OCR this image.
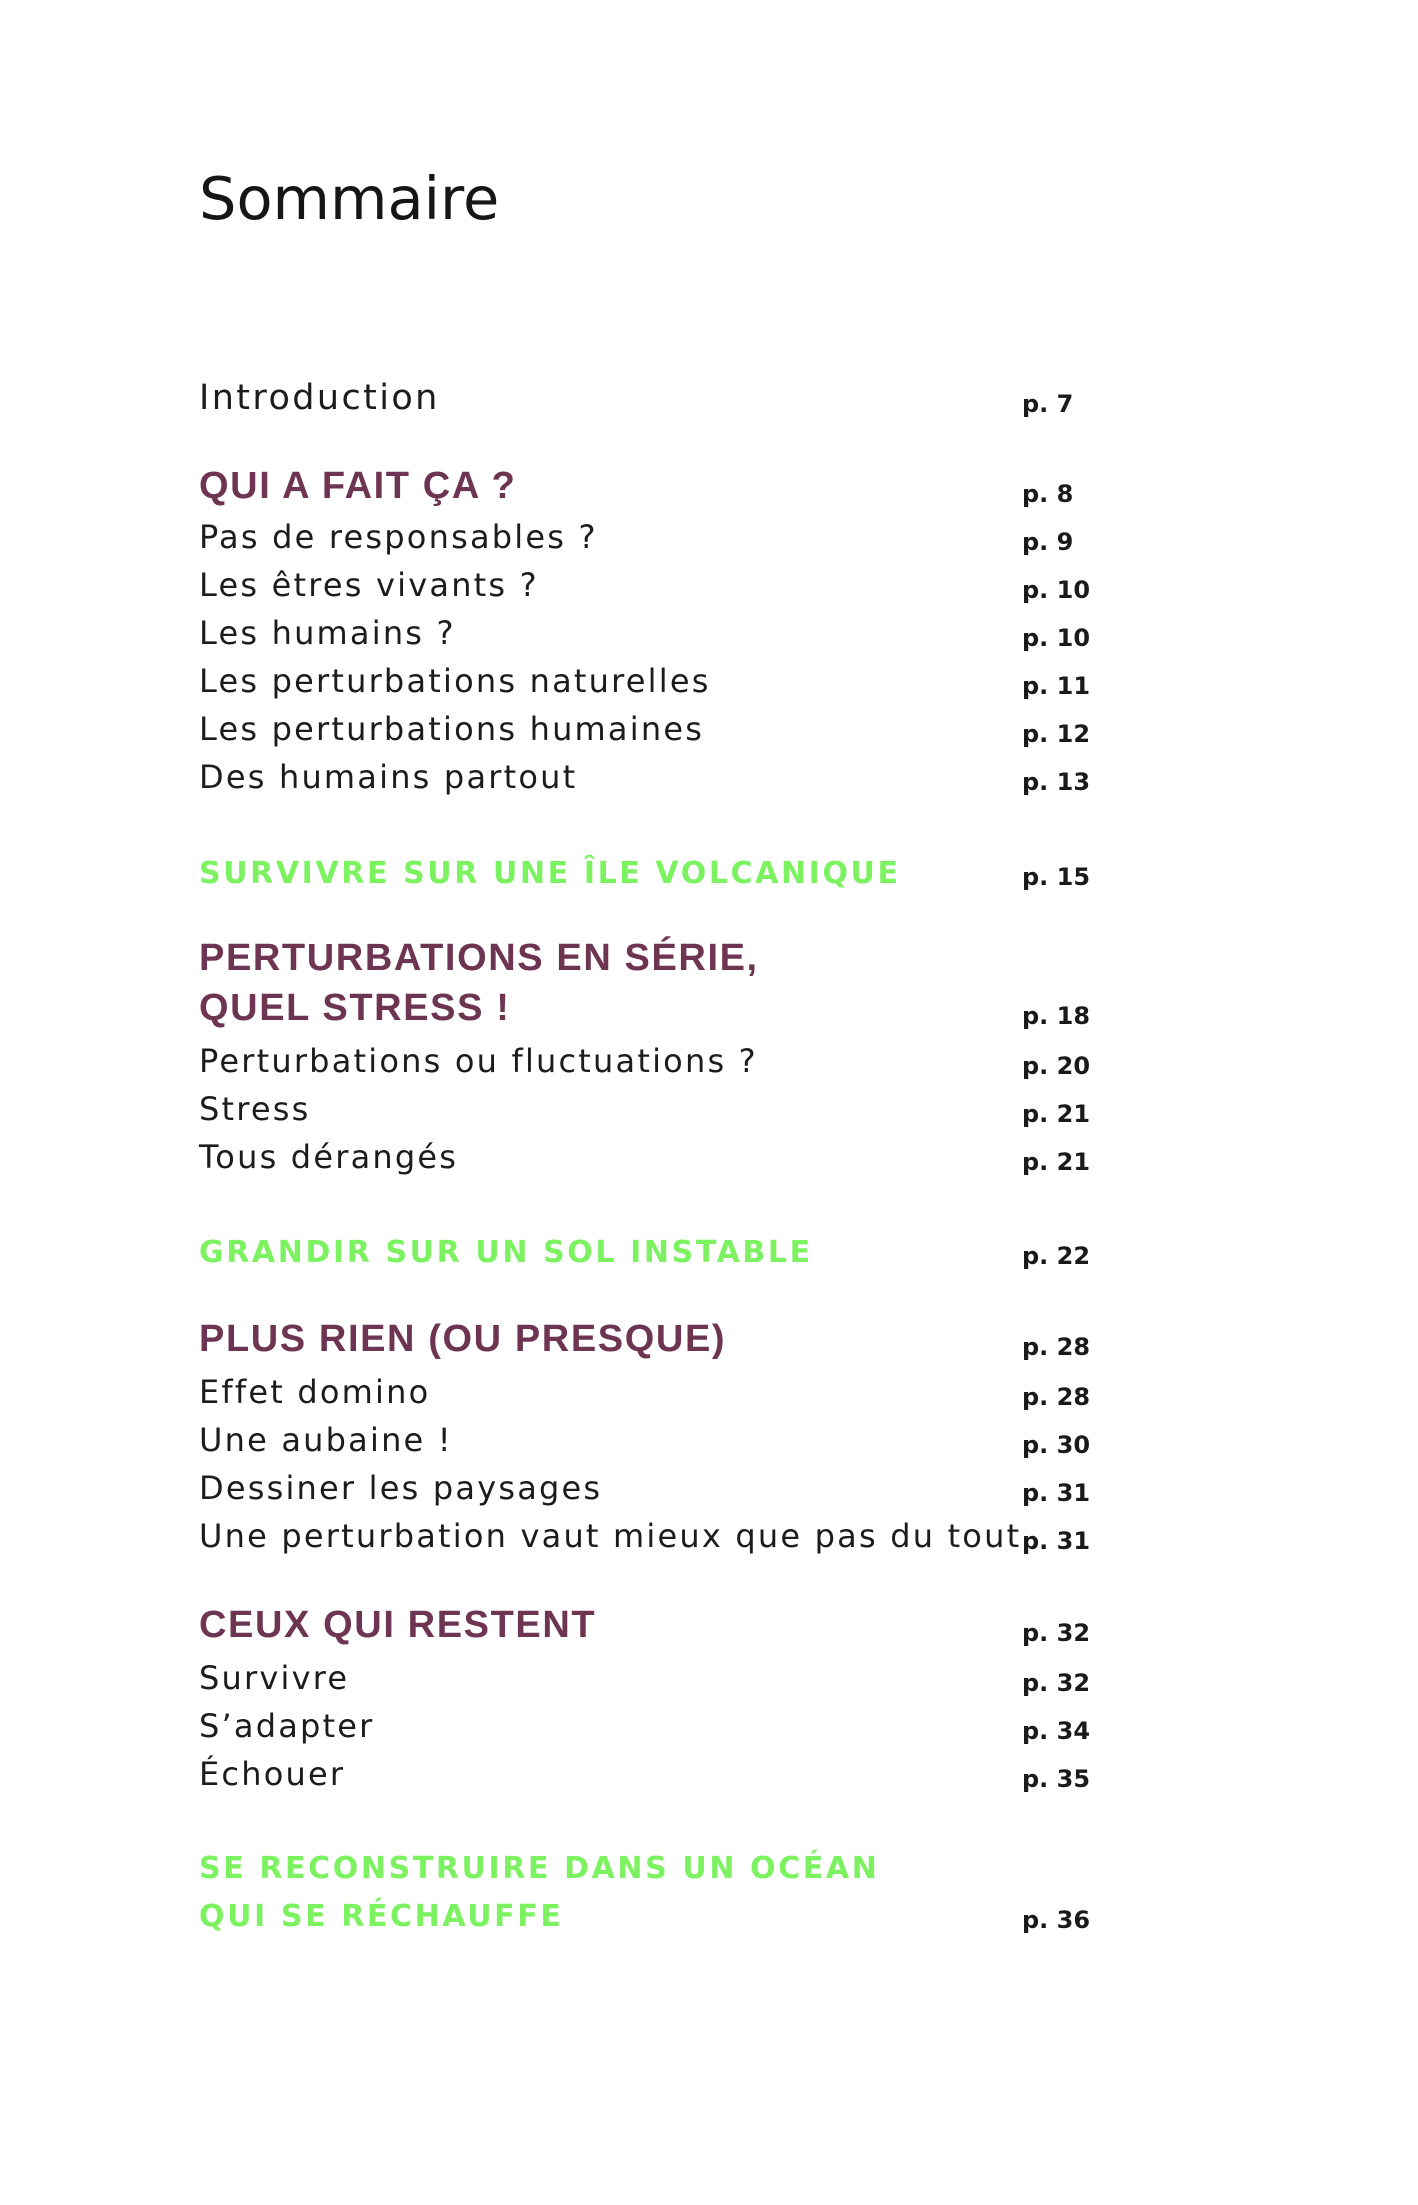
Sommaire
Introduction	p. 7
QUI A FAIT ÇA ?	p. 8
Pas de responsables ?	p. 9
Les êtres vivants ?	p. 10
Les humains ?	p. 10
Les perturbations naturelles	p. 11
Les perturbations humaines	p. 12
Des humains partout	p. 13
SURVIVRE SUR UNE ÎLE VOLCANIQUE	p. 15
PERTURBATIONS EN SÉRIE,
QUEL STRESS !	p. 18
Perturbations ou fluctuations ?	p. 20
Stress	p. 21
Tous dérangés	p. 21
GRANDIR SUR UN SOL INSTABLE	p. 22
PLUS RIEN (OU PRESQUE)	p. 28
Effet domino	p. 28
Une aubaine !	p. 30
Dessiner les paysages	p. 31
Une perturbation vaut mieux que pas du tout p. 31
CEUX QUI RESTENT	p. 32
Survivre	p. 32
S’adapter	p. 34
Échouer	p. 35
SE RECONSTRUIRE DANS UN OCÉAN
QUI SE RÉCHAUFFE	p. 36
